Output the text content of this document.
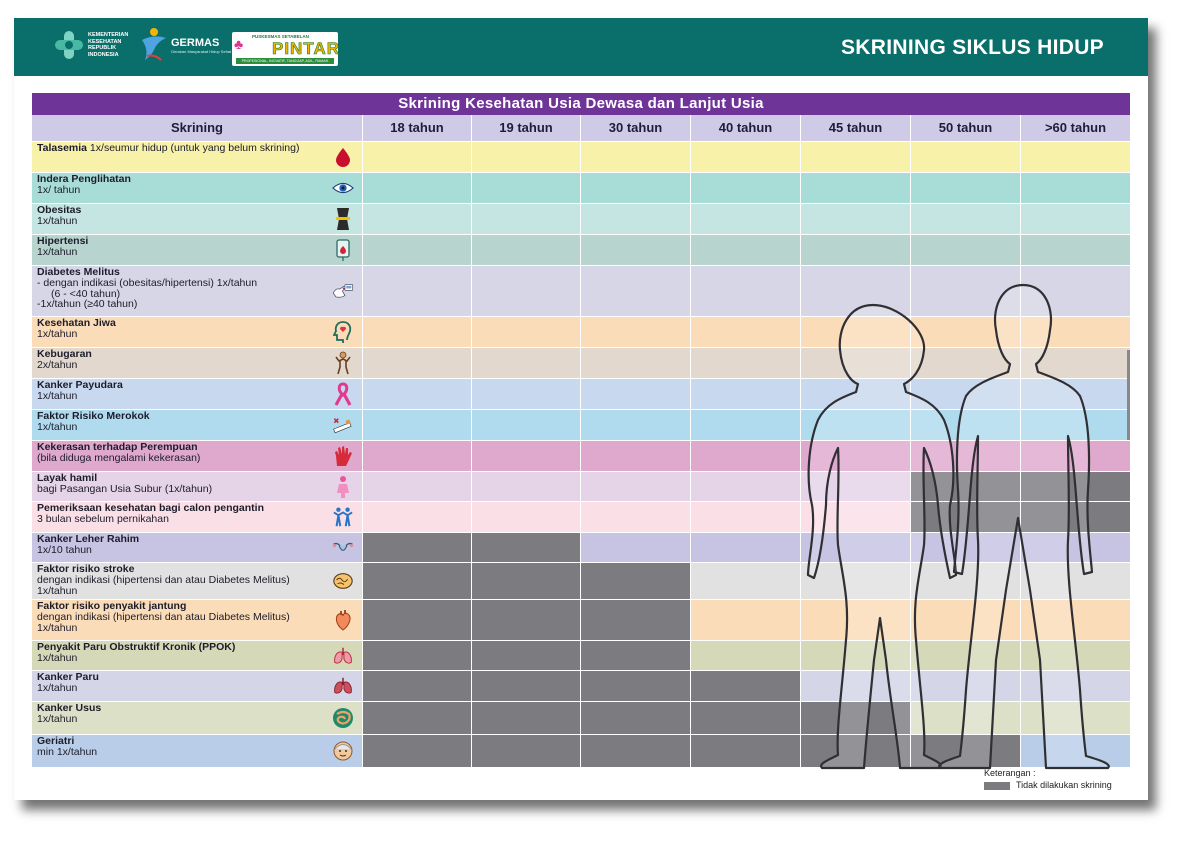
KEMENTERIAN KESEHATAN REPUBLIK INDONESIA
GERMAS
Gerakan Masyarakat Hidup Sehat ♣ PUSKESMAS SETABELAN
PINTAR
PROFESIONAL, INOVATIF, TANGGAP, ADIL, RAMAH
SKRINING SIKLUS HIDUP
Skrining Kesehatan Usia Dewasa dan Lanjut Usia
Skrining	18 tahun	19 tahun	30 tahun	40 tahun	45 tahun	50 tahun	>60 tahun
Talasemia 1x/seumur hidup (untuk yang belum skrining)
Indera Penglihatan
1x/ tahun
Obesitas
1x/tahun
Hipertensi
1x/tahun
Diabetes Melitus
- dengan indikasi (obesitas/hipertensi) 1x/tahun
(6 - <40 tahun)
-1x/tahun (≥40 tahun)
Kesehatan Jiwa
1x/tahun
Kebugaran
2x/tahun
Kanker Payudara
1x/tahun
Faktor Risiko Merokok
1x/tahun
Kekerasan terhadap Perempuan
(bila diduga mengalami kekerasan)
Layak hamil
bagi Pasangan Usia Subur (1x/tahun)
Pemeriksaan kesehatan bagi calon pengantin
3 bulan sebelum pernikahan
Kanker Leher Rahim
1x/10 tahun
Faktor risiko stroke
dengan indikasi (hipertensi dan atau Diabetes Melitus)
1x/tahun
Faktor risiko penyakit jantung
dengan indikasi (hipertensi dan atau Diabetes Melitus)
1x/tahun
Penyakit Paru Obstruktif Kronik (PPOK)
1x/tahun
Kanker Paru
1x/tahun
Kanker Usus
1x/tahun
Geriatri
min 1x/tahun
Keterangan :
Tidak dilakukan skrining
